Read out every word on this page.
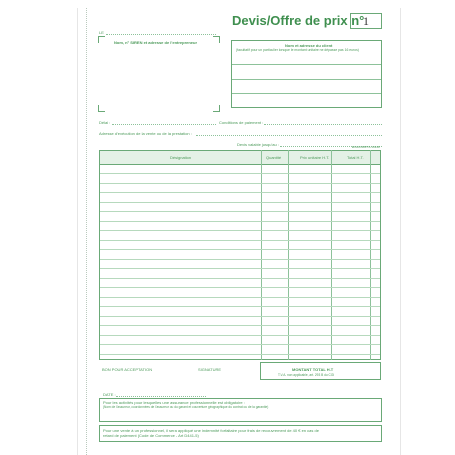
Devis/Offre de prix n°
1
LE
Nom, n° SIREN et adresse de l'entrepreneur
Nom et adresse du client
(facultatif pour un particulier lorsque le montant unitaire ne dépasse pas 16 euros)
Délai :	Conditions de paiement :
Adresse d'exécution de la vente ou de la prestation :
Devis valable jusqu'au :	EXACOMPTA 13148
Désignation	Quantité	Prix unitaire H.T.	Total H.T.
BON POUR ACCEPTATION	SIGNATURE	MONTANT TOTAL H.T
T.V.A. non applicable, art. 293 B du CGI
DATE :
Pour les activités pour lesquelles une assurance professionnelle est obligatoire :
(Nom de l'assureur, coordonnées de l'assureur ou du garant et couverture géographique du contrat ou de la garantie)
Pour une vente à un professionnel, il sera appliqué une indemnité forfaitaire pour frais de recouvrement de 40 € en cas de
retard de paiement (Code de Commerce - Art D441-5)
